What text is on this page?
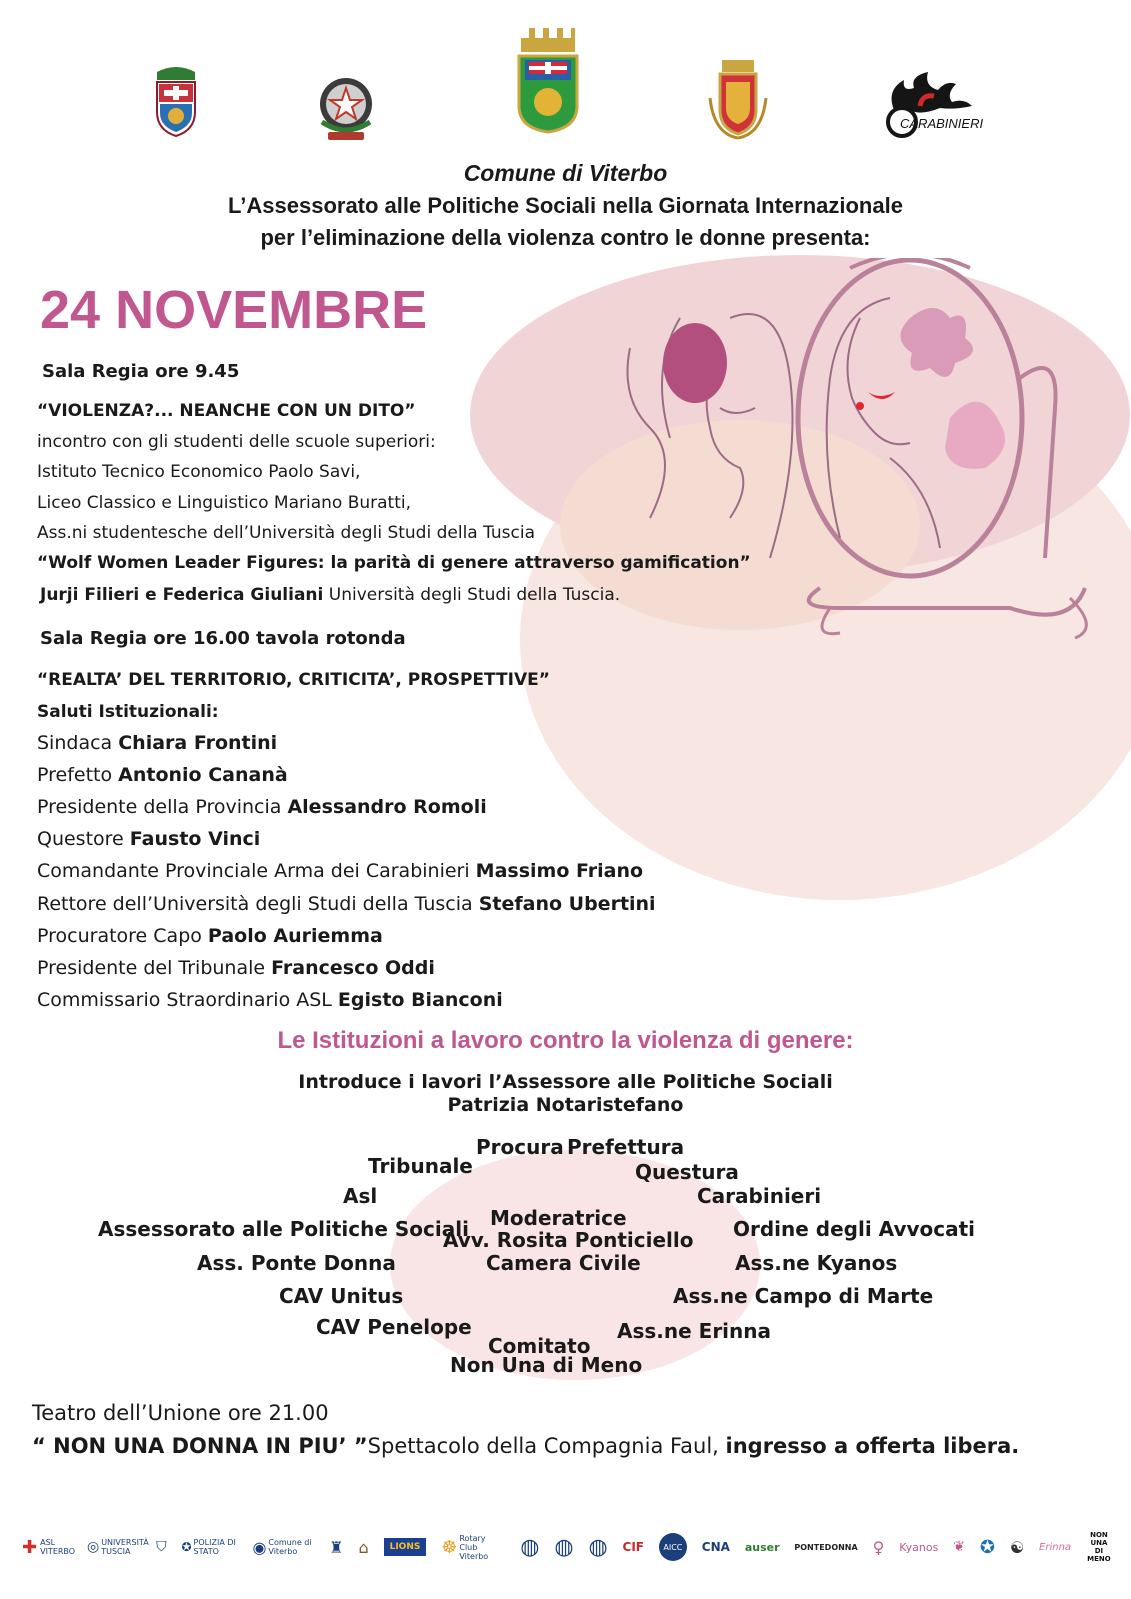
CARABINIERI
Comune di Viterbo
L’Assessorato alle Politiche Sociali nella Giornata Internazionale
per l’eliminazione della violenza contro le donne presenta:
24 NOVEMBRE
Sala Regia ore 9.45
“VIOLENZA?... NEANCHE CON UN DITO”
incontro con gli studenti delle scuole superiori:
Istituto Tecnico Economico Paolo Savi,
Liceo Classico e Linguistico Mariano Buratti,
Ass.ni studentesche dell’Università degli Studi della Tuscia
“Wolf Women Leader Figures: la parità di genere attraverso gamification”
Jurji Filieri e Federica Giuliani Università degli Studi della Tuscia.
Sala Regia ore 16.00 tavola rotonda
“REALTA’ DEL TERRITORIO, CRITICITA’, PROSPETTIVE”
Saluti Istituzionali:
Sindaca Chiara Frontini
Prefetto Antonio Cananà
Presidente della Provincia Alessandro Romoli
Questore Fausto Vinci
Comandante Provinciale Arma dei Carabinieri Massimo Friano
Rettore dell’Università degli Studi della Tuscia Stefano Ubertini
Procuratore Capo Paolo Auriemma
Presidente del Tribunale Francesco Oddi
Commissario Straordinario ASL Egisto Bianconi
Le Istituzioni a lavoro contro la violenza di genere:
Introduce i lavori l’Assessore alle Politiche Sociali
Patrizia Notaristefano
Procura Prefettura
Tribunale	Questura
Asl	Carabinieri
Moderatrice
Assessorato alle Politiche Sociali	Ordine degli Avvocati
Avv. Rosita Ponticiello
Camera Civile
Ass. Ponte Donna	Ass.ne Kyanos
CAV Unitus	Ass.ne Campo di Marte
CAV Penelope	Ass.ne Erinna
Comitato
Non Una di Meno
Teatro dell’Unione ore 21.00
“ NON UNA DONNA IN PIU’ ”Spettacolo della Compagnia Faul, ingresso a offerta libera.
✚ ASL VITERBO ◎ UNIVERSITÀ TUSCIA	⛉ ✪ POLIZIA DI STATO	◉ Comune di Viterbo	♜ ⌂	LIONS	☸ Rotary Club Viterbo	◍ ◍ ◍ CIF	AICC	CNA auser PONTEDONNA ♀ Kyanos ❦ ✪ ☯ Erinna
NON UNA DI MENO
